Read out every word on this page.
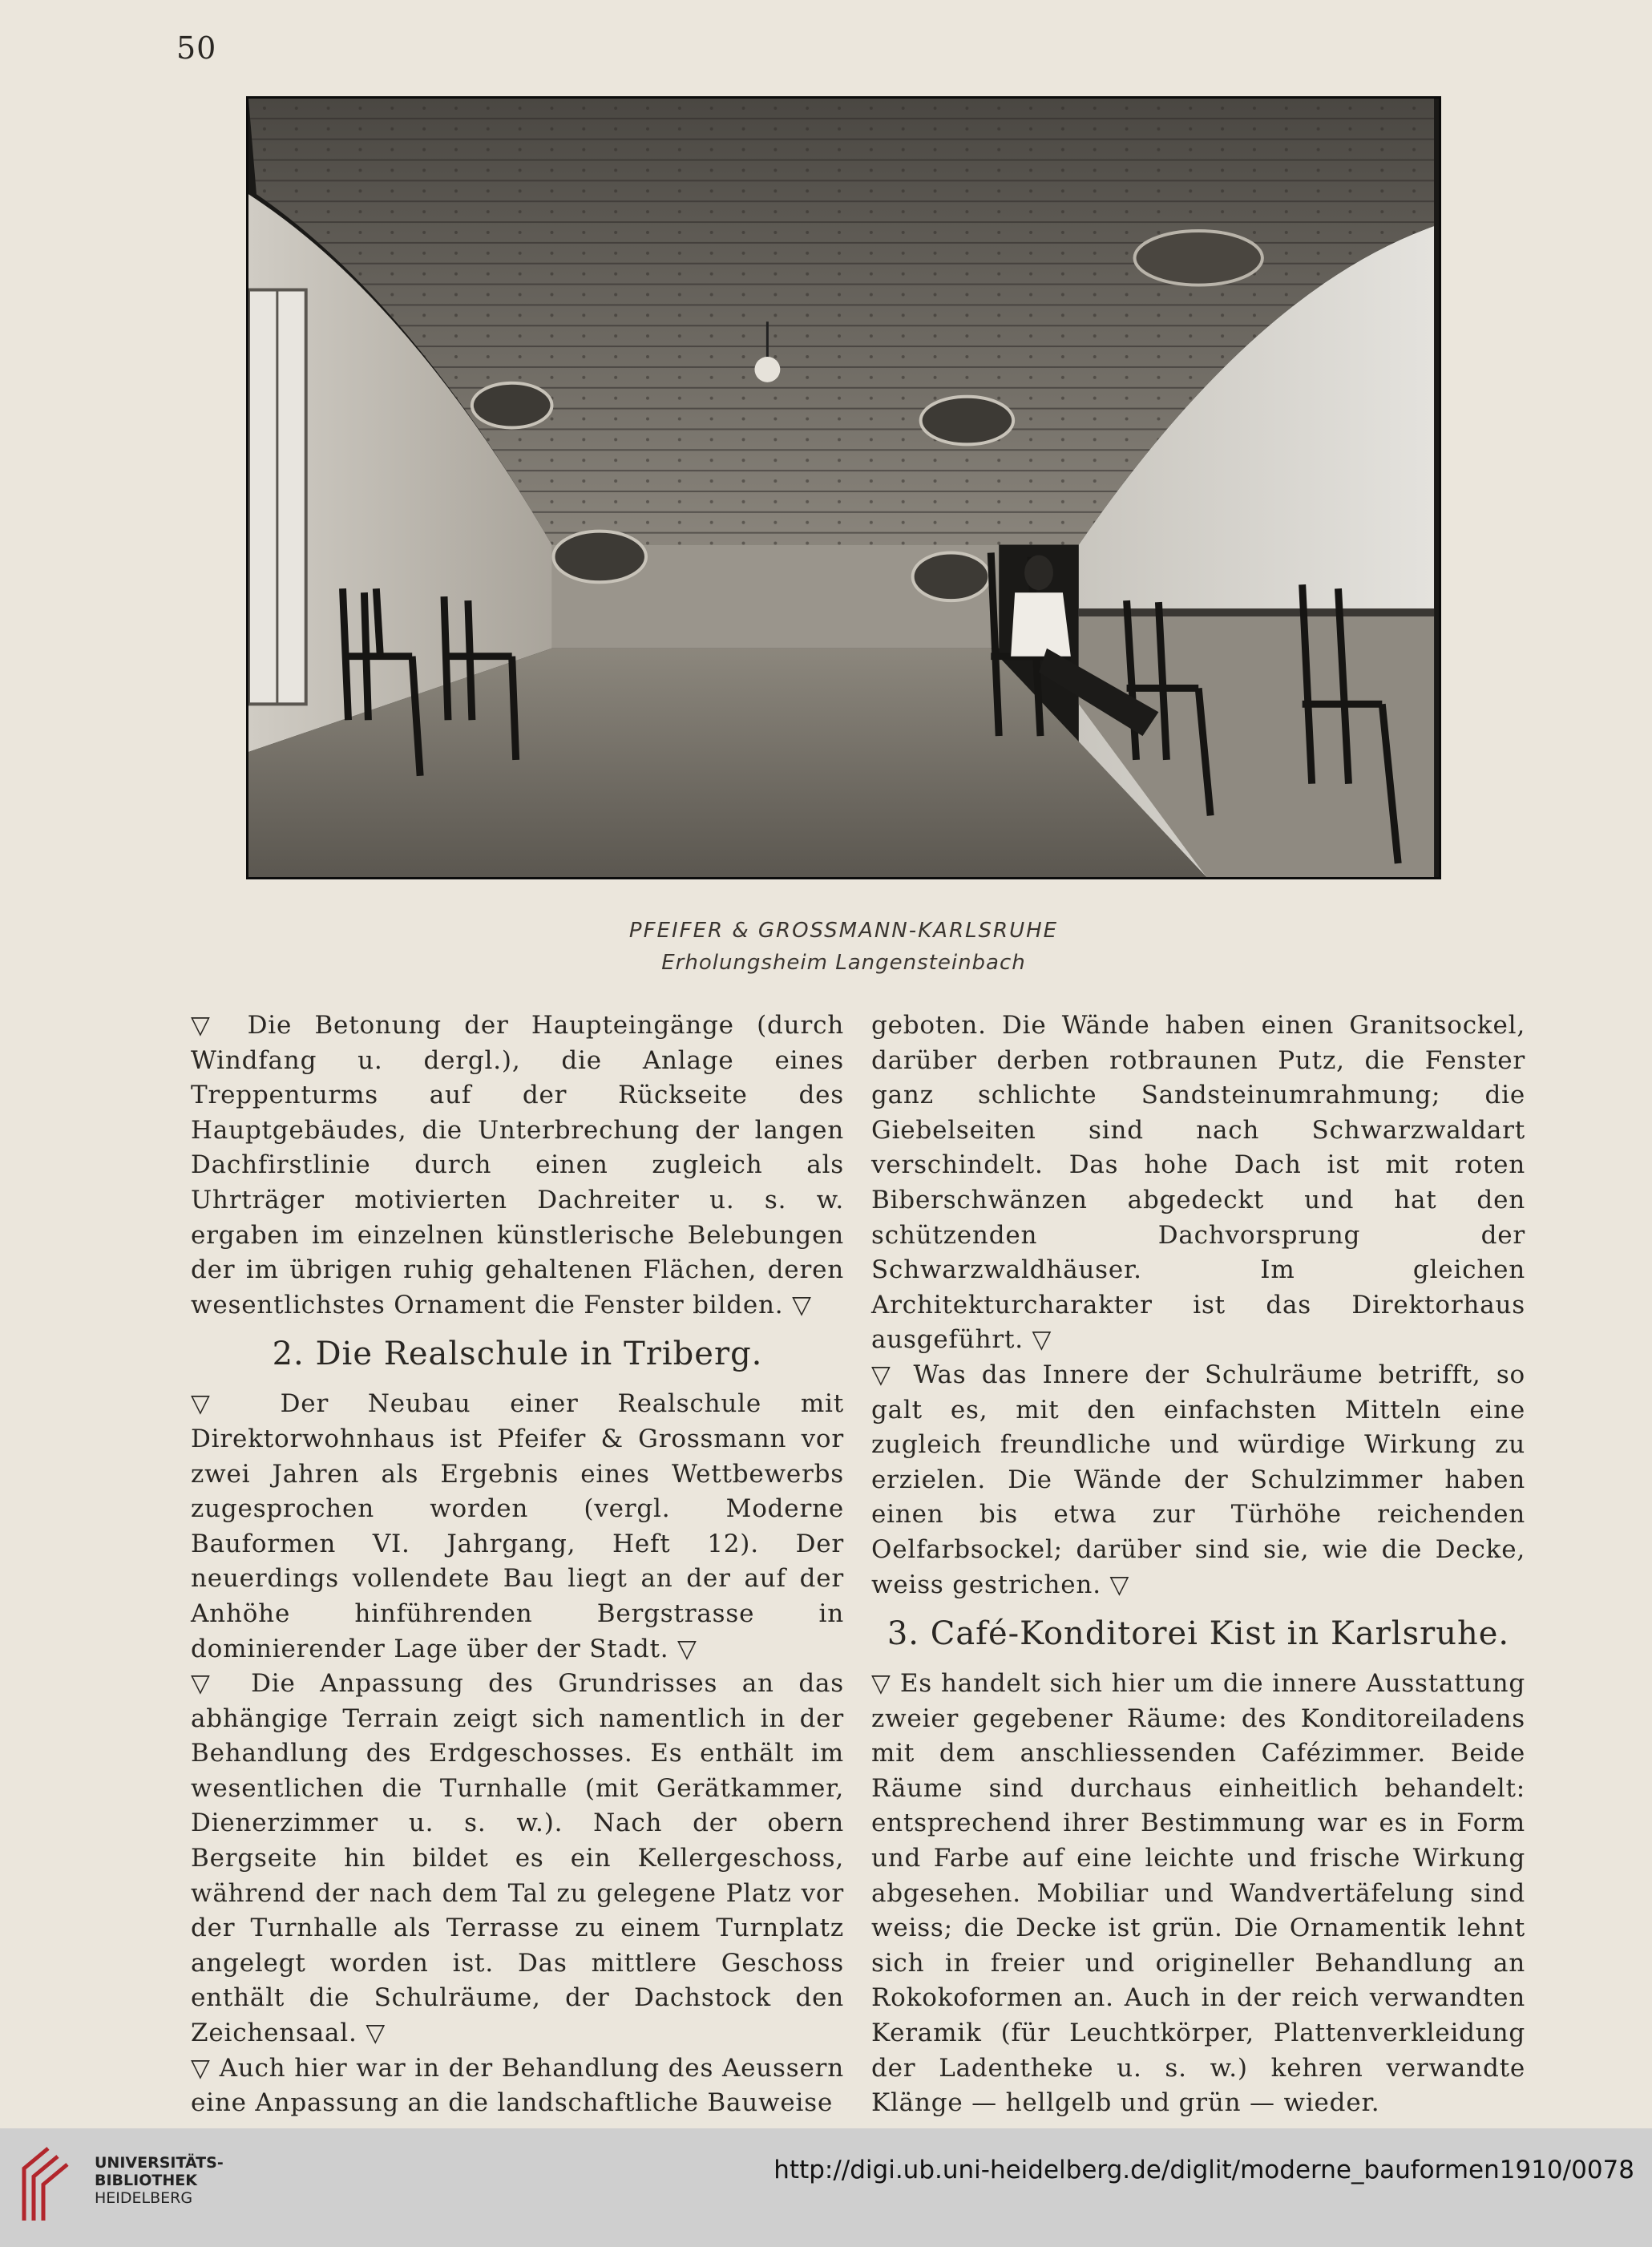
50
PFEIFER & GROSSMANN-KARLSRUHE
Erholungsheim Langensteinbach

▽ Die Betonung der Haupteingänge (durch Windfang u. dergl.), die Anlage eines Treppenturms auf der Rückseite des Hauptgebäudes, die Unterbrechung der langen Dachfirstlinie durch einen zugleich als Uhrträger motivierten Dachreiter u. s. w. ergaben im einzelnen künstlerische Belebungen der im übrigen ruhig gehaltenen Flächen, deren wesentlichstes Ornament die Fenster bilden. ▽

2. Die Realschule in Triberg.

▽ Der Neubau einer Realschule mit Direktorwohnhaus ist Pfeifer & Grossmann vor zwei Jahren als Ergebnis eines Wettbewerbs zugesprochen worden (vergl. Moderne Bauformen VI. Jahrgang, Heft 12). Der neuerdings vollendete Bau liegt an der auf der Anhöhe hinführenden Bergstrasse in dominierender Lage über der Stadt. ▽

▽ Die Anpassung des Grundrisses an das abhängige Terrain zeigt sich namentlich in der Behandlung des Erdgeschosses. Es enthält im wesentlichen die Turnhalle (mit Gerätkammer, Dienerzimmer u. s. w.). Nach der obern Bergseite hin bildet es ein Kellergeschoss, während der nach dem Tal zu gelegene Platz vor der Turnhalle als Terrasse zu einem Turnplatz angelegt worden ist. Das mittlere Geschoss enthält die Schulräume, der Dachstock den Zeichensaal. ▽

▽ Auch hier war in der Behandlung des Aeussern eine Anpassung an die landschaftliche Bauweise

geboten. Die Wände haben einen Granitsockel, darüber derben rotbraunen Putz, die Fenster ganz schlichte Sandsteinumrahmung; die Giebelseiten sind nach Schwarzwaldart verschindelt. Das hohe Dach ist mit roten Biberschwänzen abgedeckt und hat den schützenden Dachvorsprung der Schwarzwaldhäuser. Im gleichen Architekturcharakter ist das Direktorhaus ausgeführt. ▽

▽ Was das Innere der Schulräume betrifft, so galt es, mit den einfachsten Mitteln eine zugleich freundliche und würdige Wirkung zu erzielen. Die Wände der Schulzimmer haben einen bis etwa zur Türhöhe reichenden Oelfarbsockel; darüber sind sie, wie die Decke, weiss gestrichen. ▽

3. Café-Konditorei Kist in Karlsruhe.

▽ Es handelt sich hier um die innere Ausstattung zweier gegebener Räume: des Konditoreiladens mit dem anschliessenden Cafézimmer. Beide Räume sind durchaus einheitlich behandelt: entsprechend ihrer Bestimmung war es in Form und Farbe auf eine leichte und frische Wirkung abgesehen. Mobiliar und Wandvertäfelung sind weiss; die Decke ist grün. Die Ornamentik lehnt sich in freier und origineller Behandlung an Rokokoformen an. Auch in der reich verwandten Keramik (für Leuchtkörper, Plattenverkleidung der Ladentheke u. s. w.) kehren verwandte Klänge — hellgelb und grün — wieder.

UNIVERSITÄTS-
BIBLIOTHEK
HEIDELBERG
http://digi.ub.uni-heidelberg.de/diglit/moderne_bauformen1910/0078
